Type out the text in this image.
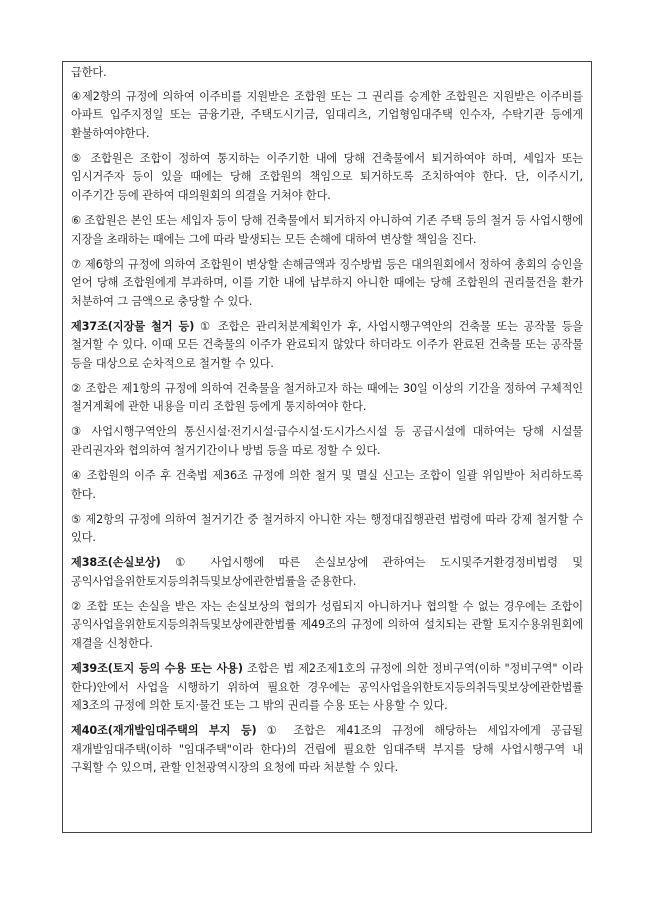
급한다.

④제2항의 규정에 의하여 이주비를 지원받은 조합원 또는 그 권리를 승계한 조합원은 지원받은 이주비를 아파트 입주지정일 또는 금융기관, 주택도시기금, 임대리츠, 기업형임대주택 인수자, 수탁기관 등에게 환불하여야한다.

⑤ 조합원은 조합이 정하여 통지하는 이주기한 내에 당해 건축물에서 퇴거하여야 하며, 세입자 또는 임시거주자 등이 있을 때에는 당해 조합원의 책임으로 퇴거하도록 조치하여야 한다. 단, 이주시기, 이주기간 등에 관하여 대의원회의 의결을 거쳐야 한다.

⑥ 조합원은 본인 또는 세입자 등이 당해 건축물에서 퇴거하지 아니하여 기존 주택 등의 철거 등 사업시행에 지장을 초래하는 때에는 그에 따라 발생되는 모든 손해에 대하여 변상할 책임을 진다.

⑦ 제6항의 규정에 의하여 조합원이 변상할 손해금액과 징수방법 등은 대의원회에서 정하여 총회의 승인을 얻어 당해 조합원에게 부과하며, 이를 기한 내에 납부하지 아니한 때에는 당해 조합원의 권리물건을 환가 처분하여 그 금액으로 충당할 수 있다.

제37조(지장물 철거 등) ① 조합은 관리처분계획인가 후, 사업시행구역안의 건축물 또는 공작물 등을 철거할 수 있다. 이때 모든 건축물의 이주가 완료되지 않았다 하더라도 이주가 완료된 건축물 또는 공작물 등을 대상으로 순차적으로 철거할 수 있다.

② 조합은 제1항의 규정에 의하여 건축물을 철거하고자 하는 때에는 30일 이상의 기간을 정하여 구체적인 철거계획에 관한 내용을 미리 조합원 등에게 통지하여야 한다.

③ 사업시행구역안의 통신시설·전기시설·급수시설·도시가스시설 등 공급시설에 대하여는 당해 시설물 관리권자와 협의하여 철거기간이나 방법 등을 따로 정할 수 있다.

④ 조합원의 이주 후 건축법 제36조 규정에 의한 철거 및 멸실 신고는 조합이 일괄 위임받아 처리하도록 한다.

⑤ 제2항의 규정에 의하여 철거기간 중 철거하지 아니한 자는 행정대집행관련 법령에 따라 강제 철거할 수 있다.

제38조(손실보상) ① 사업시행에 따른 손실보상에 관하여는 도시및주거환경정비법령 및 공익사업을위한토지등의취득및보상에관한법률을 준용한다.

② 조합 또는 손실을 받은 자는 손실보상의 협의가 성립되지 아니하거나 협의할 수 없는 경우에는 조합이 공익사업을위한토지등의취득및보상에관한법률 제49조의 규정에 의하여 설치되는 관할 토지수용위원회에 재결을 신청한다.

제39조(토지 등의 수용 또는 사용) 조합은 법 제2조제1호의 규정에 의한 정비구역(이하 "정비구역" 이라 한다)안에서 사업을 시행하기 위하여 필요한 경우에는 공익사업을위한토지등의취득및보상에관한법률 제3조의 규정에 의한 토지·물건 또는 그 밖의 권리를 수용 또는 사용할 수 있다.

제40조(재개발임대주택의 부지 등) ① 조합은 제41조의 규정에 해당하는 세입자에게 공급될 재개발임대주택(이하 "임대주택"이라 한다)의 건립에 필요한 임대주택 부지를 당해 사업시행구역 내 구획할 수 있으며, 관할 인천광역시장의 요청에 따라 처분할 수 있다.
